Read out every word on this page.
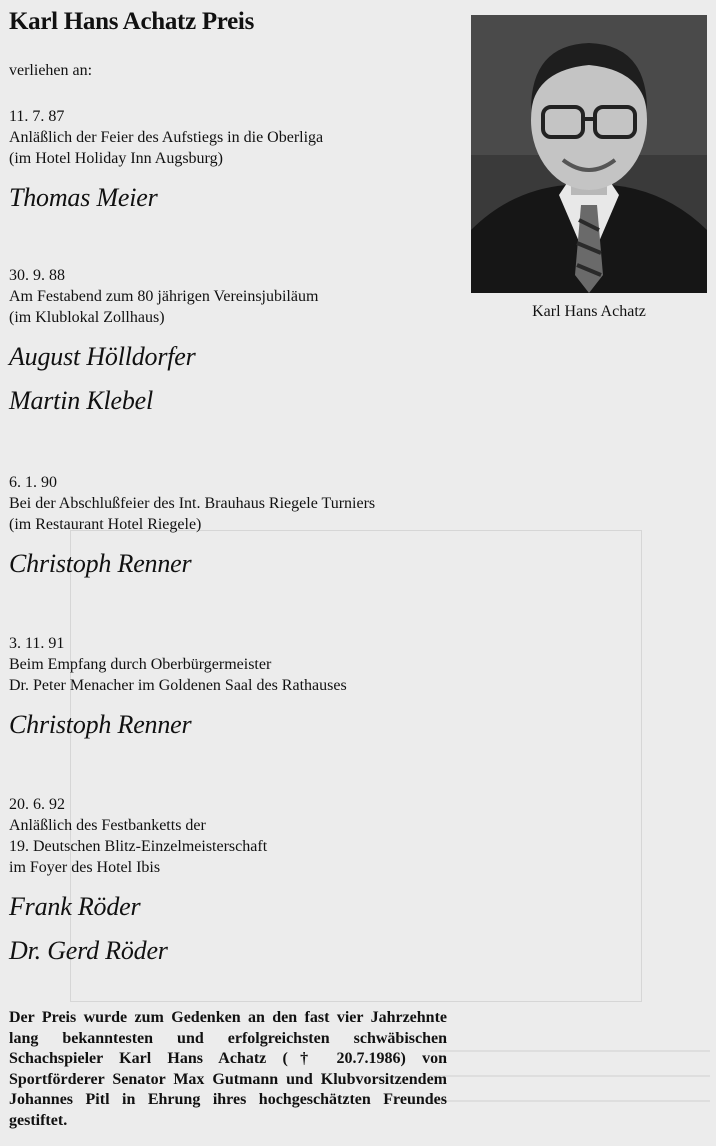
Karl Hans Achatz Preis
verliehen an:
Karl Hans Achatz
11. 7. 87
Anläßlich der Feier des Aufstiegs in die Oberliga
(im Hotel Holiday Inn Augsburg)
Thomas Meier
30. 9. 88
Am Festabend zum 80 jährigen Vereinsjubiläum
(im Klublokal Zollhaus)
August Hölldorfer
Martin Klebel
6. 1. 90
Bei der Abschlußfeier des Int. Brauhaus Riegele Turniers
(im Restaurant Hotel Riegele)
Christoph Renner
3. 11. 91
Beim Empfang durch Oberbürgermeister
Dr. Peter Menacher im Goldenen Saal des Rathauses
Christoph Renner
20. 6. 92
Anläßlich des Festbanketts der
19. Deutschen Blitz-Einzelmeisterschaft
im Foyer des Hotel Ibis
Frank Röder
Dr. Gerd Röder
Der Preis wurde zum Gedenken an den fast vier Jahrzehnte lang bekanntesten und erfolgreichsten schwäbischen Schachspieler Karl Hans Achatz († 20.7.1986) von Sportförderer Senator Max Gutmann und Klubvorsitzendem Johannes Pitl in Ehrung ihres hochgeschätzten Freundes gestiftet.
